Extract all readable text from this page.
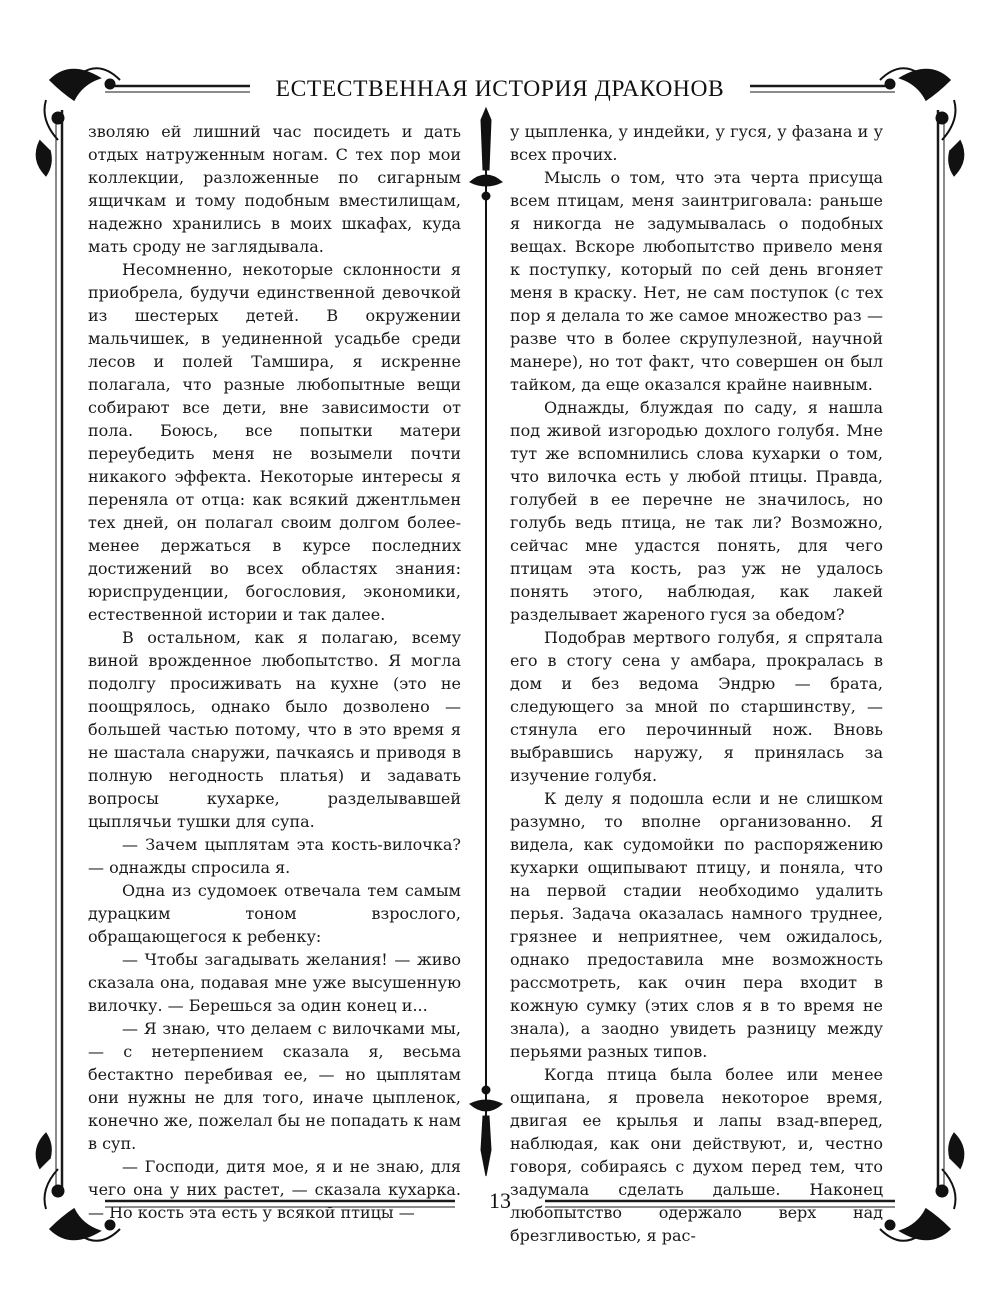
ЕСТЕСТВЕННАЯ ИСТОРИЯ ДРАКОНОВ

зволяю ей лишний час посидеть и дать отдых натруженным ногам. С тех пор мои коллекции, разложенные по сигарным ящичкам и тому подобным вместилищам, надежно хранились в моих шкафах, куда мать сроду не заглядывала.

Несомненно, некоторые склонности я приобрела, будучи единственной девочкой из шестерых детей. В окружении мальчишек, в уединенной усадьбе среди лесов и полей Тамшира, я искренне полагала, что разные любопытные вещи собирают все дети, вне зависимости от пола. Боюсь, все попытки матери переубедить меня не возымели почти никакого эффекта. Некоторые интересы я переняла от отца: как всякий джентльмен тех дней, он полагал своим долгом более-менее держаться в курсе последних достижений во всех областях знания: юриспруденции, богословия, экономики, естественной истории и так далее.

В остальном, как я полагаю, всему виной врожденное любопытство. Я могла подолгу просиживать на кухне (это не поощрялось, однако было дозволено — большей частью потому, что в это время я не шастала снаружи, пачкаясь и приводя в полную негодность платья) и задавать вопросы кухарке, разделывавшей цыплячьи тушки для супа.

— Зачем цыплятам эта кость-вилочка? — однажды спросила я.

Одна из судомоек отвечала тем самым дурацким тоном взрослого, обращающегося к ребенку:

— Чтобы загадывать желания! — живо сказала она, подавая мне уже высушенную вилочку. — Берешься за один конец и...

— Я знаю, что делаем с вилочками мы, — с нетерпением сказала я, весьма бестактно перебивая ее, — но цыплятам они нужны не для того, иначе цыпленок, конечно же, пожелал бы не попадать к нам в суп.

— Господи, дитя мое, я и не знаю, для чего она у них растет, — сказала кухарка. — Но кость эта есть у всякой птицы —

у цыпленка, у индейки, у гуся, у фазана и у всех прочих.

Мысль о том, что эта черта присуща всем птицам, меня заинтриговала: раньше я никогда не задумывалась о подобных вещах. Вскоре любопытство привело меня к поступку, который по сей день вгоняет меня в краску. Нет, не сам поступок (с тех пор я делала то же самое множество раз — разве что в более скрупулезной, научной манере), но тот факт, что совершен он был тайком, да еще оказался крайне наивным.

Однажды, блуждая по саду, я нашла под живой изгородью дохлого голубя. Мне тут же вспомнились слова кухарки о том, что вилочка есть у любой птицы. Правда, голубей в ее перечне не значилось, но голубь ведь птица, не так ли? Возможно, сейчас мне удастся понять, для чего птицам эта кость, раз уж не удалось понять этого, наблюдая, как лакей разделывает жареного гуся за обедом?

Подобрав мертвого голубя, я спрятала его в стогу сена у амбара, прокралась в дом и без ведома Эндрю — брата, следующего за мной по старшинству, — стянула его перочинный нож. Вновь выбравшись наружу, я принялась за изучение голубя.

К делу я подошла если и не слишком разумно, то вполне организованно. Я видела, как судомойки по распоряжению кухарки ощипывают птицу, и поняла, что на первой стадии необходимо удалить перья. Задача оказалась намного труднее, грязнее и неприятнее, чем ожидалось, однако предоставила мне возможность рассмотреть, как очин пера входит в кожную сумку (этих слов я в то время не знала), а заодно увидеть разницу между перьями разных типов.

Когда птица была более или менее ощипана, я провела некоторое время, двигая ее крылья и лапы взад-вперед, наблюдая, как они действуют, и, честно говоря, собираясь с духом перед тем, что задумала сделать дальше. Наконец любопытство одержало верх над брезгливостью, я рас-

13
